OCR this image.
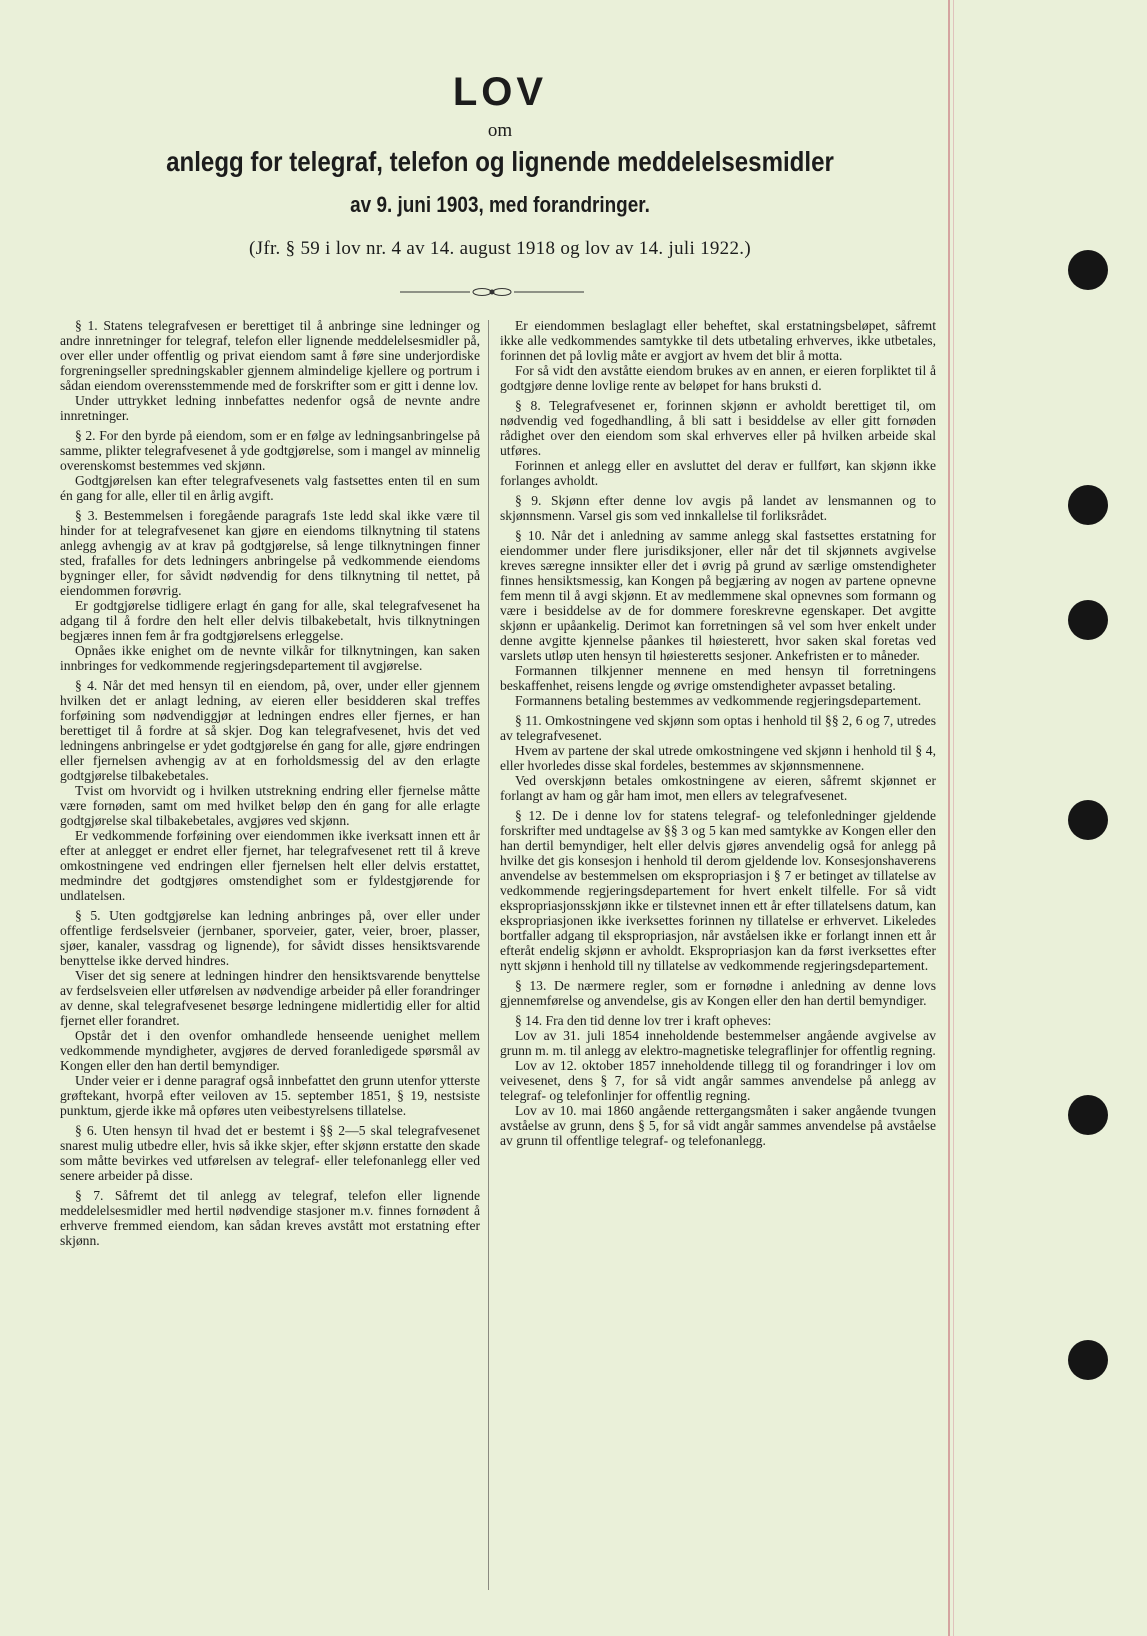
LOV
om
anlegg for telegraf, telefon og lignende meddelelsesmidler
av 9. juni 1903, med forandringer.
(Jfr. § 59 i lov nr. 4 av 14. august 1918 og lov av 14. juli 1922.)

§ 1. Statens telegrafvesen er berettiget til å anbringe sine ledninger og andre innretninger for telegraf, telefon eller lignende meddelelsesmidler på, over eller under offentlig og privat eiendom samt å føre sine underjordiske forgreningseller spredningskabler gjennem almindelige kjellere og portrum i sådan eiendom overensstemmende med de forskrifter som er gitt i denne lov.

Under uttrykket ledning innbefattes nedenfor også de nevnte andre innretninger.

§ 2. For den byrde på eiendom, som er en følge av ledningsanbringelse på samme, plikter telegrafvesenet å yde godtgjørelse, som i mangel av minnelig overenskomst bestemmes ved skjønn.

Godtgjørelsen kan efter telegrafvesenets valg fastsettes enten til en sum én gang for alle, eller til en årlig avgift.

§ 3. Bestemmelsen i foregående paragrafs 1ste ledd skal ikke være til hinder for at telegrafvesenet kan gjøre en eiendoms tilknytning til statens anlegg avhengig av at krav på godtgjørelse, så lenge tilknytningen finner sted, frafalles for dets ledningers anbringelse på vedkommende eiendoms bygninger eller, for såvidt nødvendig for dens tilknytning til nettet, på eiendommen forøvrig.

Er godtgjørelse tidligere erlagt én gang for alle, skal telegrafvesenet ha adgang til å fordre den helt eller delvis tilbakebetalt, hvis tilknytningen begjæres innen fem år fra godtgjørelsens erleggelse.

Opnåes ikke enighet om de nevnte vilkår for tilknytningen, kan saken innbringes for vedkommende regjeringsdepartement til avgjørelse.

§ 4. Når det med hensyn til en eiendom, på, over, under eller gjennem hvilken det er anlagt ledning, av eieren eller besidderen skal treffes forføining som nødvendiggjør at ledningen endres eller fjernes, er han berettiget til å fordre at så skjer. Dog kan telegrafvesenet, hvis det ved ledningens anbringelse er ydet godtgjørelse én gang for alle, gjøre endringen eller fjernelsen avhengig av at en forholdsmessig del av den erlagte godtgjørelse tilbakebetales.

Tvist om hvorvidt og i hvilken utstrekning endring eller fjernelse måtte være fornøden, samt om med hvilket beløp den én gang for alle erlagte godtgjørelse skal tilbakebetales, avgjøres ved skjønn.

Er vedkommende forføining over eiendommen ikke iverksatt innen ett år efter at anlegget er endret eller fjernet, har telegrafvesenet rett til å kreve omkostningene ved endringen eller fjernelsen helt eller delvis erstattet, medmindre det godtgjøres omstendighet som er fyldestgjørende for undlatelsen.

§ 5. Uten godtgjørelse kan ledning anbringes på, over eller under offentlige ferdselsveier (jernbaner, sporveier, gater, veier, broer, plasser, sjøer, kanaler, vassdrag og lignende), for såvidt disses hensiktsvarende benyttelse ikke derved hindres.

Viser det sig senere at ledningen hindrer den hensiktsvarende benyttelse av ferdselsveien eller utførelsen av nødvendige arbeider på eller forandringer av denne, skal telegrafvesenet besørge ledningene midlertidig eller for altid fjernet eller forandret.

Opstår det i den ovenfor omhandlede henseende uenighet mellem vedkommende myndigheter, avgjøres de derved foranledigede spørsmål av Kongen eller den han dertil bemyndiger.

Under veier er i denne paragraf også innbefattet den grunn utenfor ytterste grøftekant, hvorpå efter veiloven av 15. september 1851, § 19, nestsiste punktum, gjerde ikke må opføres uten veibestyrelsens tillatelse.

§ 6. Uten hensyn til hvad det er bestemt i §§ 2—5 skal telegrafvesenet snarest mulig utbedre eller, hvis så ikke skjer, efter skjønn erstatte den skade som måtte bevirkes ved utførelsen av telegraf- eller telefonanlegg eller ved senere arbeider på disse.

§ 7. Såfremt det til anlegg av telegraf, telefon eller lignende meddelelsesmidler med hertil nødvendige stasjoner m.v. finnes fornødent å erhverve fremmed eiendom, kan sådan kreves avstått mot erstatning efter skjønn.

Er eiendommen beslaglagt eller beheftet, skal erstatningsbeløpet, såfremt ikke alle vedkommendes samtykke til dets utbetaling erhverves, ikke utbetales, forinnen det på lovlig måte er avgjort av hvem det blir å motta.

For så vidt den avståtte eiendom brukes av en annen, er eieren forpliktet til å godtgjøre denne lovlige rente av beløpet for hans bruksti d.

§ 8. Telegrafvesenet er, forinnen skjønn er avholdt berettiget til, om nødvendig ved fogedhandling, å bli satt i besiddelse av eller gitt fornøden rådighet over den eiendom som skal erhverves eller på hvilken arbeide skal utføres.

Forinnen et anlegg eller en avsluttet del derav er fullført, kan skjønn ikke forlanges avholdt.

§ 9. Skjønn efter denne lov avgis på landet av lensmannen og to skjønnsmenn. Varsel gis som ved innkallelse til forliksrådet.

§ 10. Når det i anledning av samme anlegg skal fastsettes erstatning for eiendommer under flere jurisdiksjoner, eller når det til skjønnets avgivelse kreves særegne innsikter eller det i øvrig på grund av særlige omstendigheter finnes hensiktsmessig, kan Kongen på begjæring av nogen av partene opnevne fem menn til å avgi skjønn. Et av medlemmene skal opnevnes som formann og være i besiddelse av de for dommere foreskrevne egenskaper. Det avgitte skjønn er upåankelig. Derimot kan forretningen så vel som hver enkelt under denne avgitte kjennelse påankes til høiesterett, hvor saken skal foretas ved varslets utløp uten hensyn til høiesteretts sesjoner. Ankefristen er to måneder.

Formannen tilkjenner mennene en med hensyn til forretningens beskaffenhet, reisens lengde og øvrige omstendigheter avpasset betaling.

Formannens betaling bestemmes av vedkommende regjeringsdepartement.

§ 11. Omkostningene ved skjønn som optas i henhold til §§ 2, 6 og 7, utredes av telegrafvesenet.

Hvem av partene der skal utrede omkostningene ved skjønn i henhold til § 4, eller hvorledes disse skal fordeles, bestemmes av skjønnsmennene.

Ved overskjønn betales omkostningene av eieren, såfremt skjønnet er forlangt av ham og går ham imot, men ellers av telegrafvesenet.

§ 12. De i denne lov for statens telegraf- og telefonledninger gjeldende forskrifter med undtagelse av §§ 3 og 5 kan med samtykke av Kongen eller den han dertil bemyndiger, helt eller delvis gjøres anvendelig også for anlegg på hvilke det gis konsesjon i henhold til derom gjeldende lov. Konsesjonshaverens anvendelse av bestemmelsen om ekspropriasjon i § 7 er betinget av tillatelse av vedkommende regjeringsdepartement for hvert enkelt tilfelle. For så vidt ekspropriasjonsskjønn ikke er tilstevnet innen ett år efter tillatelsens datum, kan ekspropriasjonen ikke iverksettes forinnen ny tillatelse er erhvervet. Likeledes bortfaller adgang til ekspropriasjon, når avståelsen ikke er forlangt innen ett år efteråt endelig skjønn er avholdt. Ekspropriasjon kan da først iverksettes efter nytt skjønn i henhold till ny tillatelse av vedkommende regjeringsdepartement.

§ 13. De nærmere regler, som er fornødne i anledning av denne lovs gjennemførelse og anvendelse, gis av Kongen eller den han dertil bemyndiger.

§ 14. Fra den tid denne lov trer i kraft opheves:

Lov av 31. juli 1854 inneholdende bestemmelser angående avgivelse av grunn m. m. til anlegg av elektro-magnetiske telegraflinjer for offentlig regning.

Lov av 12. oktober 1857 inneholdende tillegg til og forandringer i lov om veivesenet, dens § 7, for så vidt angår sammes anvendelse på anlegg av telegraf- og telefonlinjer for offentlig regning.

Lov av 10. mai 1860 angående rettergangsmåten i saker angående tvungen avståelse av grunn, dens § 5, for så vidt angår sammes anvendelse på avståelse av grunn til offentlige telegraf- og telefonanlegg.
